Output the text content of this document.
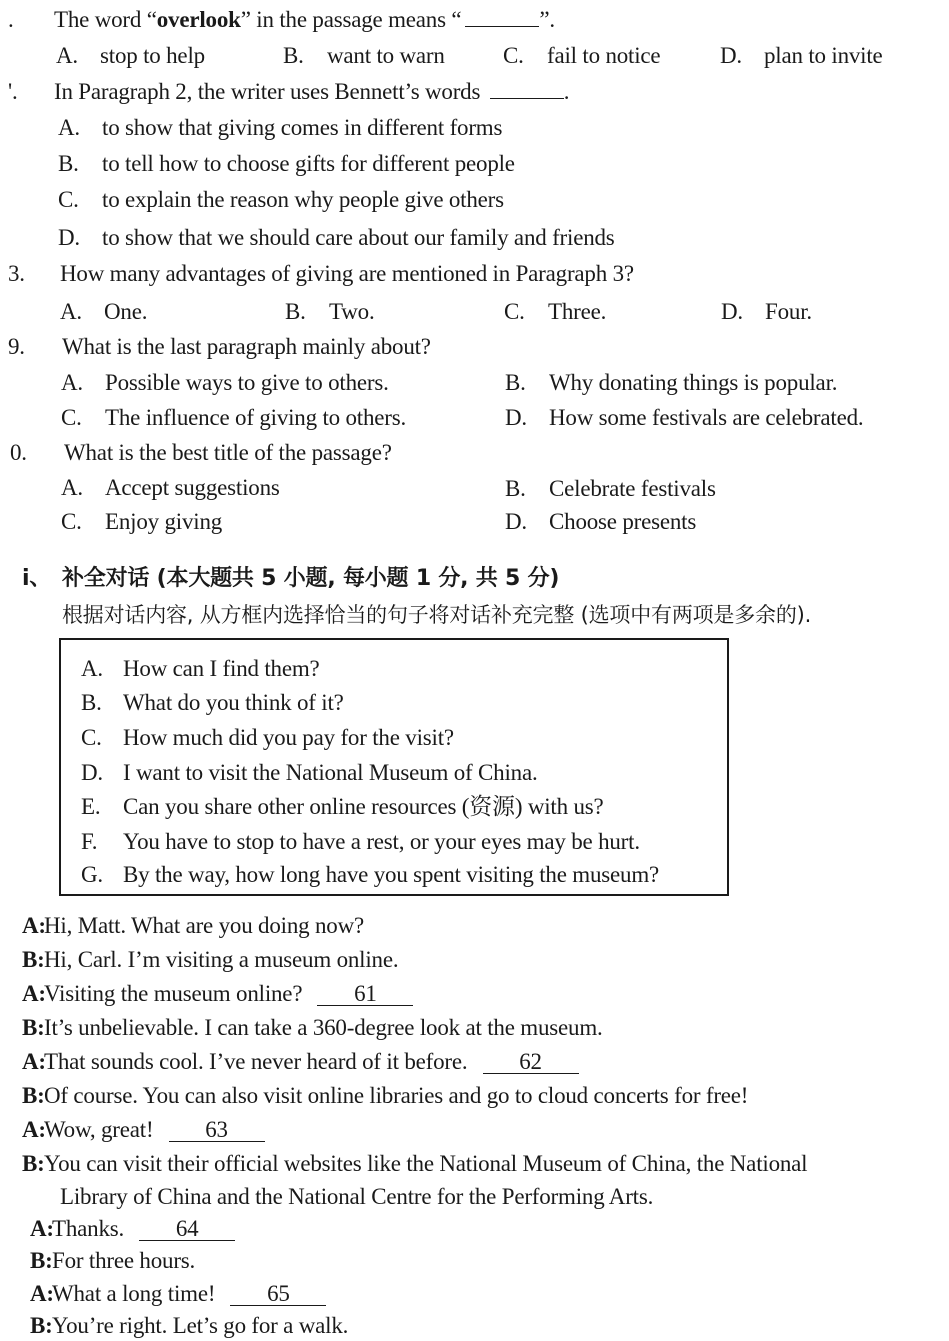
. The word “overlook” in the passage means “	”.
A. stop to help	B. want to warn	C. fail to notice	D. plan to invite
'. In Paragraph 2, the writer uses Bennett’s words	.
A. to show that giving comes in different forms
B. to tell how to choose gifts for different people
C. to explain the reason why people give others
D. to show that we should care about our family and friends
3. How many advantages of giving are mentioned in Paragraph 3?
A. One.	B. Two.	C. Three.	D. Four.
9. What is the last paragraph mainly about?
A. Possible ways to give to others.	B. Why donating things is popular.
C. The influence of giving to others.	D. How some festivals are celebrated.
0. What is the best title of the passage?
A. Accept suggestions	B. Celebrate festivals
C. Enjoy giving	D. Choose presents
i、 补全对话 (本大题共 5 小题, 每小题 1 分, 共 5 分)
根据对话内容, 从方框内选择恰当的句子将对话补充完整 (选项中有两项是多余的).
A. How can I find them?
B. What do you think of it?
C. How much did you pay for the visit?
D. I want to visit the National Museum of China.
E. Can you share other online resources (资源) with us?
F. You have to stop to have a rest, or your eyes may be hurt.
G. By the way, how long have you spent visiting the museum?
A:Hi, Matt. What are you doing now?
B:Hi, Carl. I’m visiting a museum online.
A:Visiting the museum online? 61
B:It’s unbelievable. I can take a 360-degree look at the museum.
A:That sounds cool. I’ve never heard of it before. 62
B:Of course. You can also visit online libraries and go to cloud concerts for free!
A:Wow, great! 63
B:You can visit their official websites like the National Museum of China, the National
Library of China and the National Centre for the Performing Arts.
A:Thanks. 64
B:For three hours.
A:What a long time! 65
B:You’re right. Let’s go for a walk.
